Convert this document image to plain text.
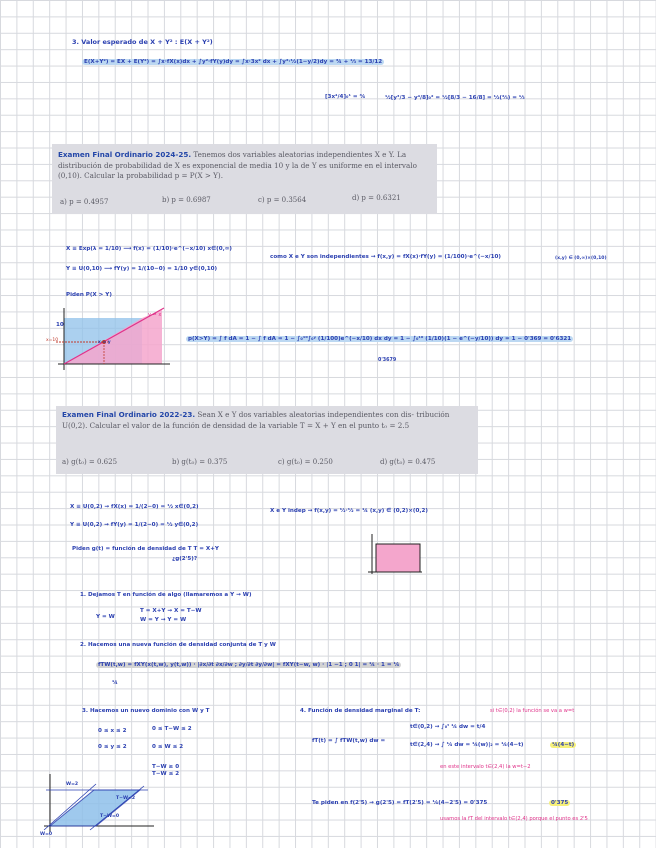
3. Valor esperado de X + Y² : E(X + Y²)
E(X+Y²) = EX + E(Y²) = ∫x·fX(x)dx + ∫y²·fY(y)dy = ∫x·3x² dx + ∫y²·½(1−y/2)dy = ¾ + ⅓ = 13/12
[3x⁴/4]₀¹ = ¾	½[y³/3 − y⁴/8]₀² = ½[8/3 − 16/8] = ½(⅔) = ⅓
Examen Final Ordinario 2024-25. Tenemos dos variables aleatorias independientes X e Y. La distribución de probabilidad de X es exponencial de media 10 y la de Y es uniforme en el intervalo (0,10). Calcular la probabilidad p = P(X > Y).
a) p = 0.4957	b) p = 0.6987	c) p = 0.3564	d) p = 0.6321
X ≡ Exp(λ = 1/10) ⟶ f(x) = (1/10)·e^(−x/10) x∈(0,∞)
como X e Y son independientes → f(x,y) = fX(x)·fY(y) = (1/100)·e^(−x/10)	(x,y) ∈ (0,∞)×(0,10)
Y ≡ U(0,10) ⟶ fY(y) = 1/(10−0) = 1/10 y∈(0,10)
Piden P(X > Y)
10
x=10	x = y
y = x
p(X>Y) = ∫ f dA = 1 − ∫ f dA = 1 − ∫₀¹⁰∫₀ʸ (1/100)e^(−x/10) dx dy = 1 − ∫₀¹⁰ (1/10)(1 − e^(−y/10)) dy = 1 − 0'369 = 0'6321
0'3679
Examen Final Ordinario 2022-23. Sean X e Y dos variables aleatorias independientes con dis- tribución U(0,2). Calcular el valor de la función de densidad de la variable T = X + Y en el punto t₀ = 2.5
a) g(t₀) = 0.625	b) g(t₀) = 0.375	c) g(t₀) = 0.250	d) g(t₀) = 0.475
X ≡ U(0,2) → fX(x) = 1/(2−0) = ½ x∈(0,2)
Y ≡ U(0,2) → fY(y) = 1/(2−0) = ½ y∈(0,2)
X e Y indep → f(x,y) = ½·½ = ¼ (x,y) ∈ (0,2)×(0,2)
Piden g(t) = función de densidad de T T = X+Y
¿g(2'5)?
1. Dejamos T en función de algo (llamaremos a Y → W)
Y = W
T = X+Y → X = T−W
W = Y → Y = W
2. Hacemos una nueva función de densidad conjunta de T y W
fTW(t,w) = fXY(x(t,w), y(t,w)) · |∂x/∂t ∂x/∂w ; ∂y/∂t ∂y/∂w| = fXY(t−w, w) · |1 −1 ; 0 1| = ¼ · 1 = ¼
¼
3. Hacemos un nuevo dominio con W y T
0 ≤ x ≤ 2
0 ≤ y ≤ 2
0 ≤ T−W ≤ 2
0 ≤ W ≤ 2
T−W ≥ 0
T−W ≤ 2
W=2
T−W=2
T−W=0
W=0
4. Función de densidad marginal de T:
fT(t) = ∫ fTW(t,w) dw =
t∈(0,2) → ∫₀ᵗ ¼ dw = t/4
t∈(2,4) → ∫ ¼ dw = ¼(w)|₂ = ¼(4−t)	¼(4−t)
si t∈(0,2) la función se va a w=t
en este intervalo t∈(2,4) la w=t−2
Te piden en f(2'5) → g(2'5) = fT(2'5) = ¼(4−2'5) = 0'375	0'375
usamos la fT del intervalo t∈(2,4) porque el punto es 2'5
